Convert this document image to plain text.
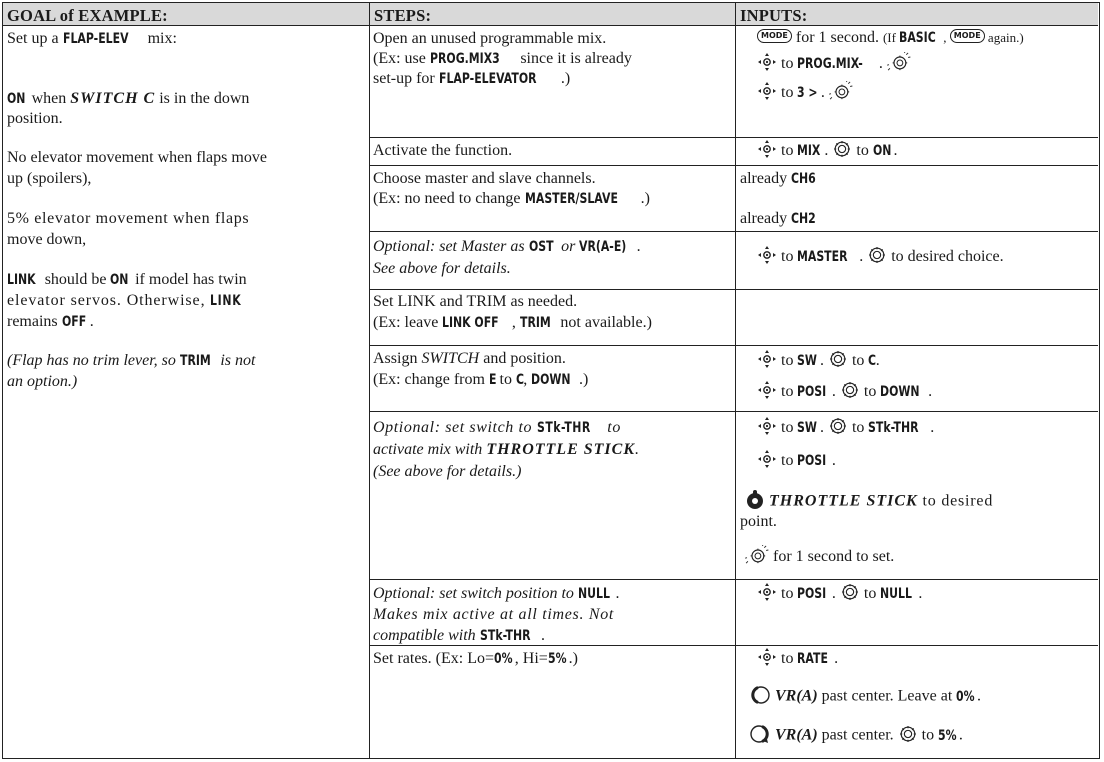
GOAL of EXAMPLE:	STEPS:	INPUTS:
Set up a FLAP-ELEV mix:
ON when SWITCH C is in the down
position.
No elevator movement when flaps move
up (spoilers),
5% elevator movement when flaps
move down,
LINK should be ON if model has twin
elevator servos. Otherwise, LINK
remains OFF .
(Flap has no trim lever, so TRIM is not
an option.)
Open an unused programmable mix.
(Ex: use PROG.MIX3 since it is already
set-up for FLAP-ELEVATOR .)
Activate the function.
Choose master and slave channels.
(Ex: no need to change MASTER/SLAVE .)
Optional: set Master as OST or VR(A-E) .
See above for details.
Set LINK and TRIM as needed.
(Ex: leave LINK OFF , TRIM not available.)
Assign SWITCH and position.
(Ex: change from E to C, DOWN .)
Optional: set switch to STk-THR to
activate mix with THROTTLE STICK.
(See above for details.)
Optional: set switch position to NULL .
Makes mix active at all times. Not
compatible with STk-THR .
Set rates. (Ex: Lo=0% , Hi=5% .)
MODE for 1 second. (If BASIC , MODE again.)
to PROG.MIX- .
to 3 > .
to MIX .  to ON .
already CH6
already CH2
to MASTER .  to desired choice.
to SW .  to C.
to POSI .  to DOWN .
to SW .  to STk-THR .
to POSI .
THROTTLE STICK to desired
point.
for 1 second to set.
to POSI .  to NULL .
to RATE .
VR(A) past center. Leave at 0% .
VR(A) past center.  to 5% .
